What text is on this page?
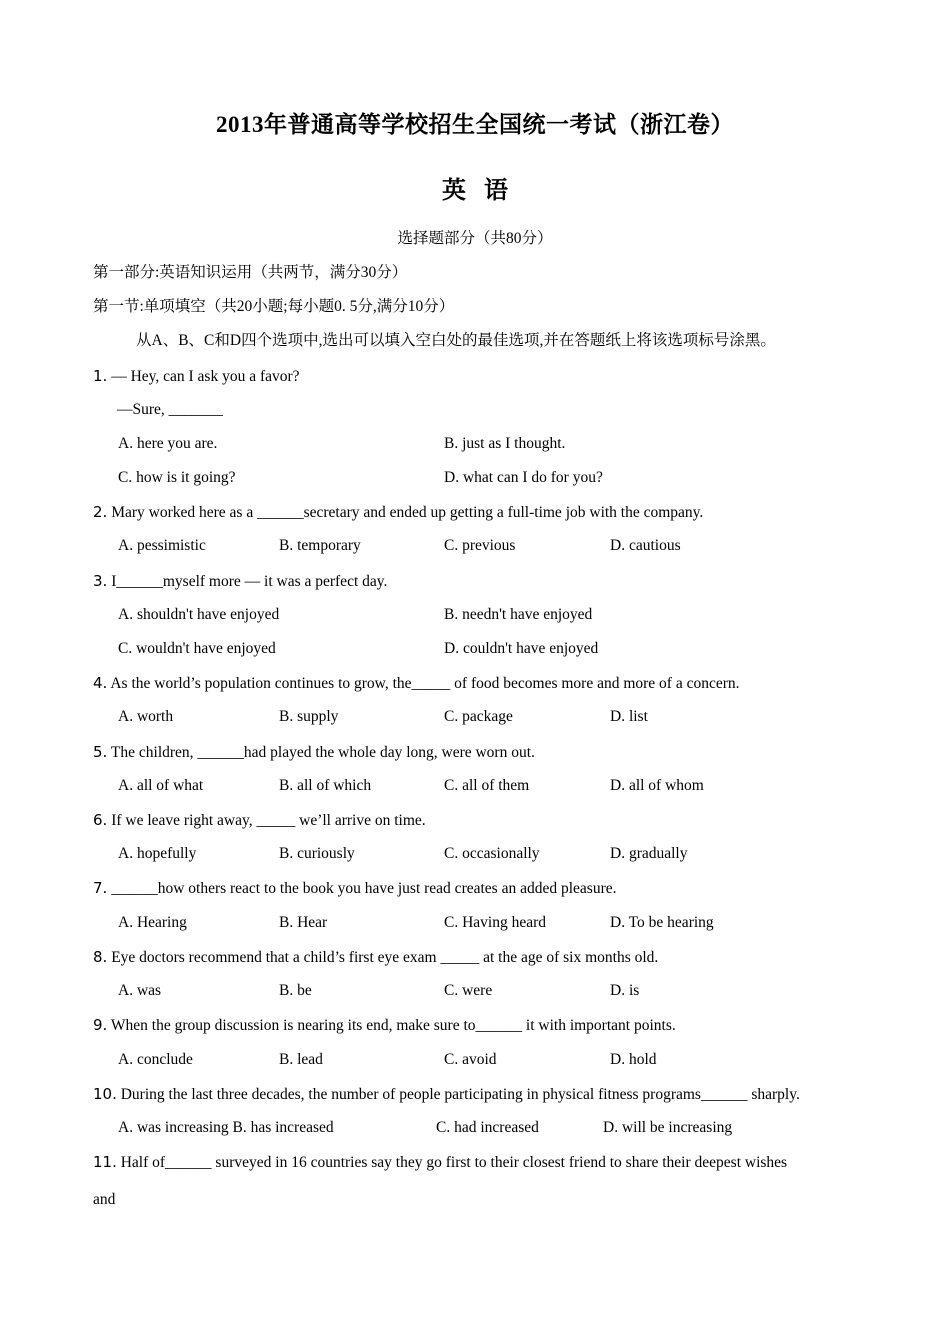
2013年普通高等学校招生全国统一考试（浙江卷）
英语
选择题部分（共80分）
第一部分:英语知识运用（共两节，满分30分）
第一节:单项填空（共20小题;每小题0. 5分,满分10分）
从A、B、C和D四个选项中,选出可以填入空白处的最佳选项,并在答题纸上将该选项标号涂黑。
1. — Hey, can I ask you a favor?
—Sure, _______
A. here you are.	B. just as I thought.
C. how is it going?	D. what can I do for you?
2. Mary worked here as a ______secretary and ended up getting a full-time job with the company.
A. pessimistic	B. temporary	C. previous	D. cautious
3. I______myself more — it was a perfect day.
A. shouldn't have enjoyed	B. needn't have enjoyed
C. wouldn't have enjoyed	D. couldn't have enjoyed
4. As the world’s population continues to grow, the_____ of food becomes more and more of a concern.
A. worth	B. supply	C. package	D. list
5. The children, ______had played the whole day long, were worn out.
A. all of what	B. all of which	C. all of them	D. all of whom
6. If we leave right away, _____ we’ll arrive on time.
A. hopefully	B. curiously	C. occasionally	D. gradually
7. ______how others react to the book you have just read creates an added pleasure.
A. Hearing	B. Hear	C. Having heard	D. To be hearing
8. Eye doctors recommend that a child’s first eye exam _____ at the age of six months old.
A. was	B. be	C. were	D. is
9. When the group discussion is nearing its end, make sure to______ it with important points.
A. conclude	B. lead	C. avoid	D. hold
10. During the last three decades, the number of people participating in physical fitness programs______ sharply.
A. was increasing B. has increased	C. had increased	D. will be increasing
11. Half of______ surveyed in 16 countries say they go first to their closest friend to share their deepest wishes
and
